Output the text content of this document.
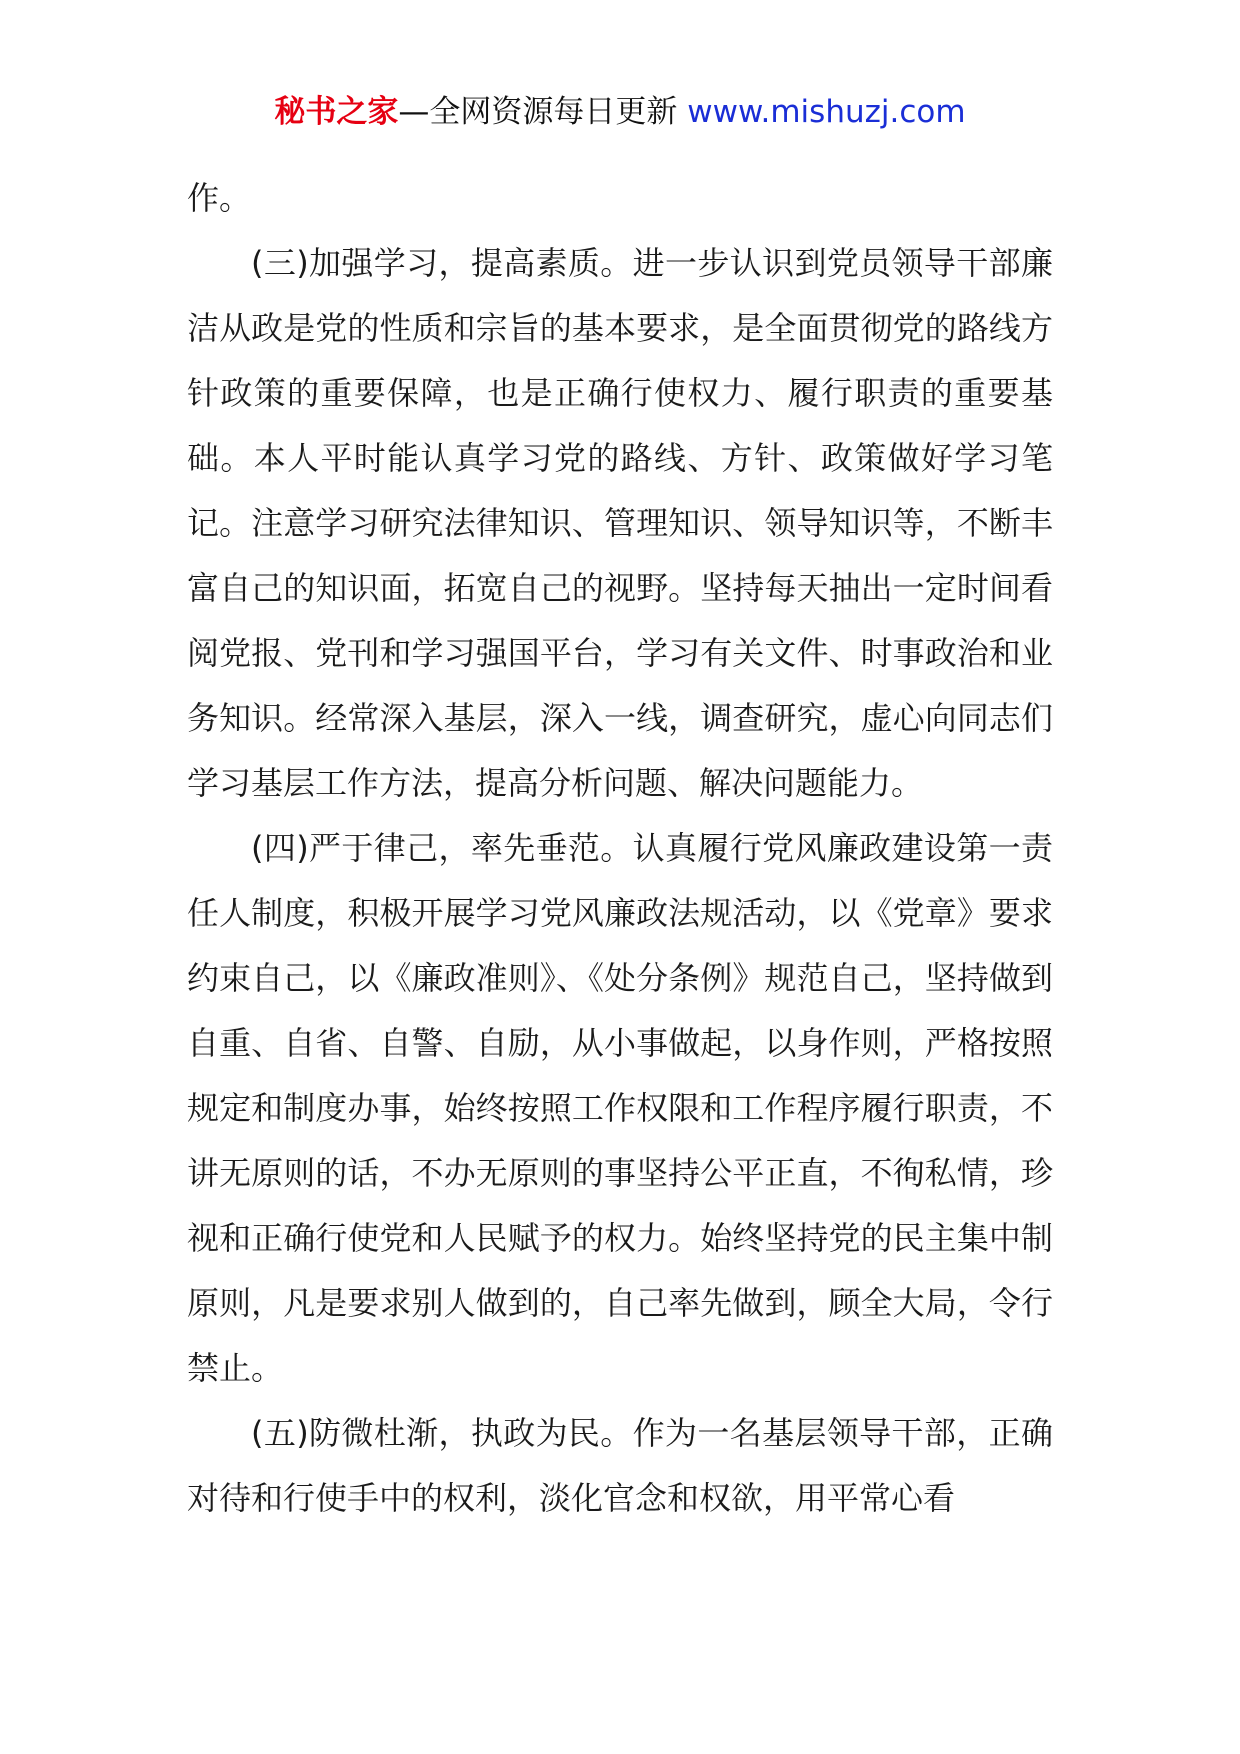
秘书之家—全网资源每日更新 www.mishuzj.com

作。

(三)加强学习，提高素质。进一步认识到党员领导干部廉洁从政是党的性质和宗旨的基本要求，是全面贯彻党的路线方针政策的重要保障，也是正确行使权力、履行职责的重要基础。本人平时能认真学习党的路线、方针、政策做好学习笔记。注意学习研究法律知识、管理知识、领导知识等，不断丰富自己的知识面，拓宽自己的视野。坚持每天抽出一定时间看阅党报、党刊和学习强国平台，学习有关文件、时事政治和业务知识。经常深入基层，深入一线，调查研究，虚心向同志们学习基层工作方法，提高分析问题、解决问题能力。

(四)严于律己，率先垂范。认真履行党风廉政建设第一责任人制度，积极开展学习党风廉政法规活动，以《党章》要求约束自己，以《廉政准则》、《处分条例》规范自己，坚持做到自重、自省、自警、自励，从小事做起，以身作则，严格按照规定和制度办事，始终按照工作权限和工作程序履行职责，不讲无原则的话，不办无原则的事坚持公平正直，不徇私情，珍视和正确行使党和人民赋予的权力。始终坚持党的民主集中制原则，凡是要求别人做到的，自己率先做到，顾全大局，令行禁止。

(五)防微杜渐，执政为民。作为一名基层领导干部，正确对待和行使手中的权利，淡化官念和权欲，用平常心看
